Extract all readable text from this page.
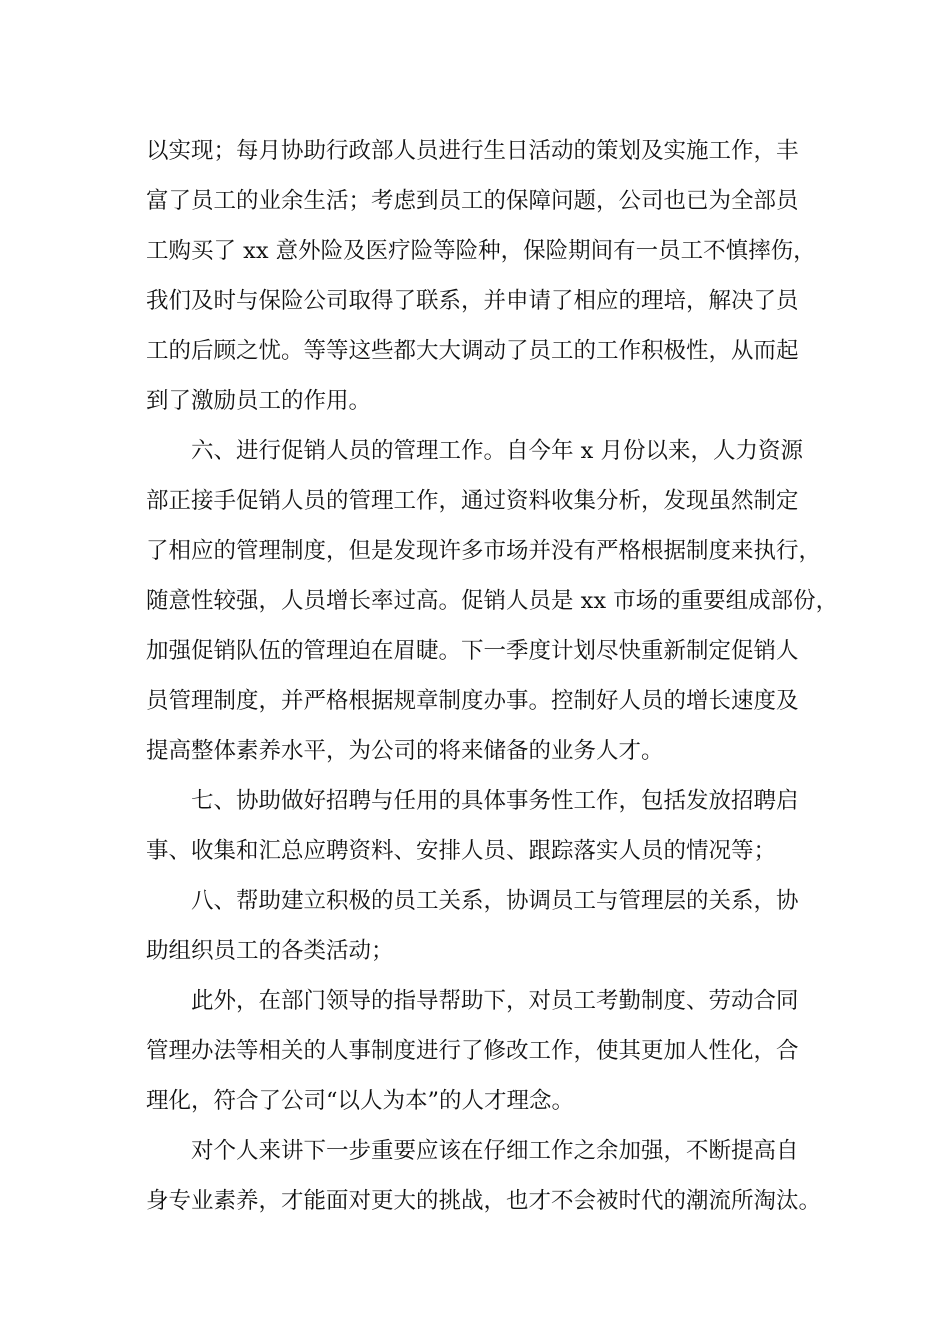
以实现；每月协助行政部人员进行生日活动的策划及实施工作，丰
富了员工的业余生活；考虑到员工的保障问题，公司也已为全部员
工购买了 xx 意外险及医疗险等险种，保险期间有一员工不慎摔伤，
我们及时与保险公司取得了联系，并申请了相应的理培，解决了员
工的后顾之忧。等等这些都大大调动了员工的工作积极性，从而起
到了激励员工的作用。
六、进行促销人员的管理工作。自今年 x 月份以来，人力资源
部正接手促销人员的管理工作，通过资料收集分析，发现虽然制定
了相应的管理制度，但是发现许多市场并没有严格根据制度来执行，
随意性较强，人员增长率过高。促销人员是 xx 市场的重要组成部份，
加强促销队伍的管理迫在眉睫。下一季度计划尽快重新制定促销人
员管理制度，并严格根据规章制度办事。控制好人员的增长速度及
提高整体素养水平，为公司的将来储备的业务人才。
七、协助做好招聘与任用的具体事务性工作，包括发放招聘启
事、收集和汇总应聘资料、安排人员、跟踪落实人员的情况等；
八、帮助建立积极的员工关系，协调员工与管理层的关系，协
助组织员工的各类活动；
此外，在部门领导的指导帮助下，对员工考勤制度、劳动合同
管理办法等相关的人事制度进行了修改工作，使其更加人性化，合
理化，符合了公司“以人为本”的人才理念。
对个人来讲下一步重要应该在仔细工作之余加强，不断提高自
身专业素养，才能面对更大的挑战，也才不会被时代的潮流所淘汰。
